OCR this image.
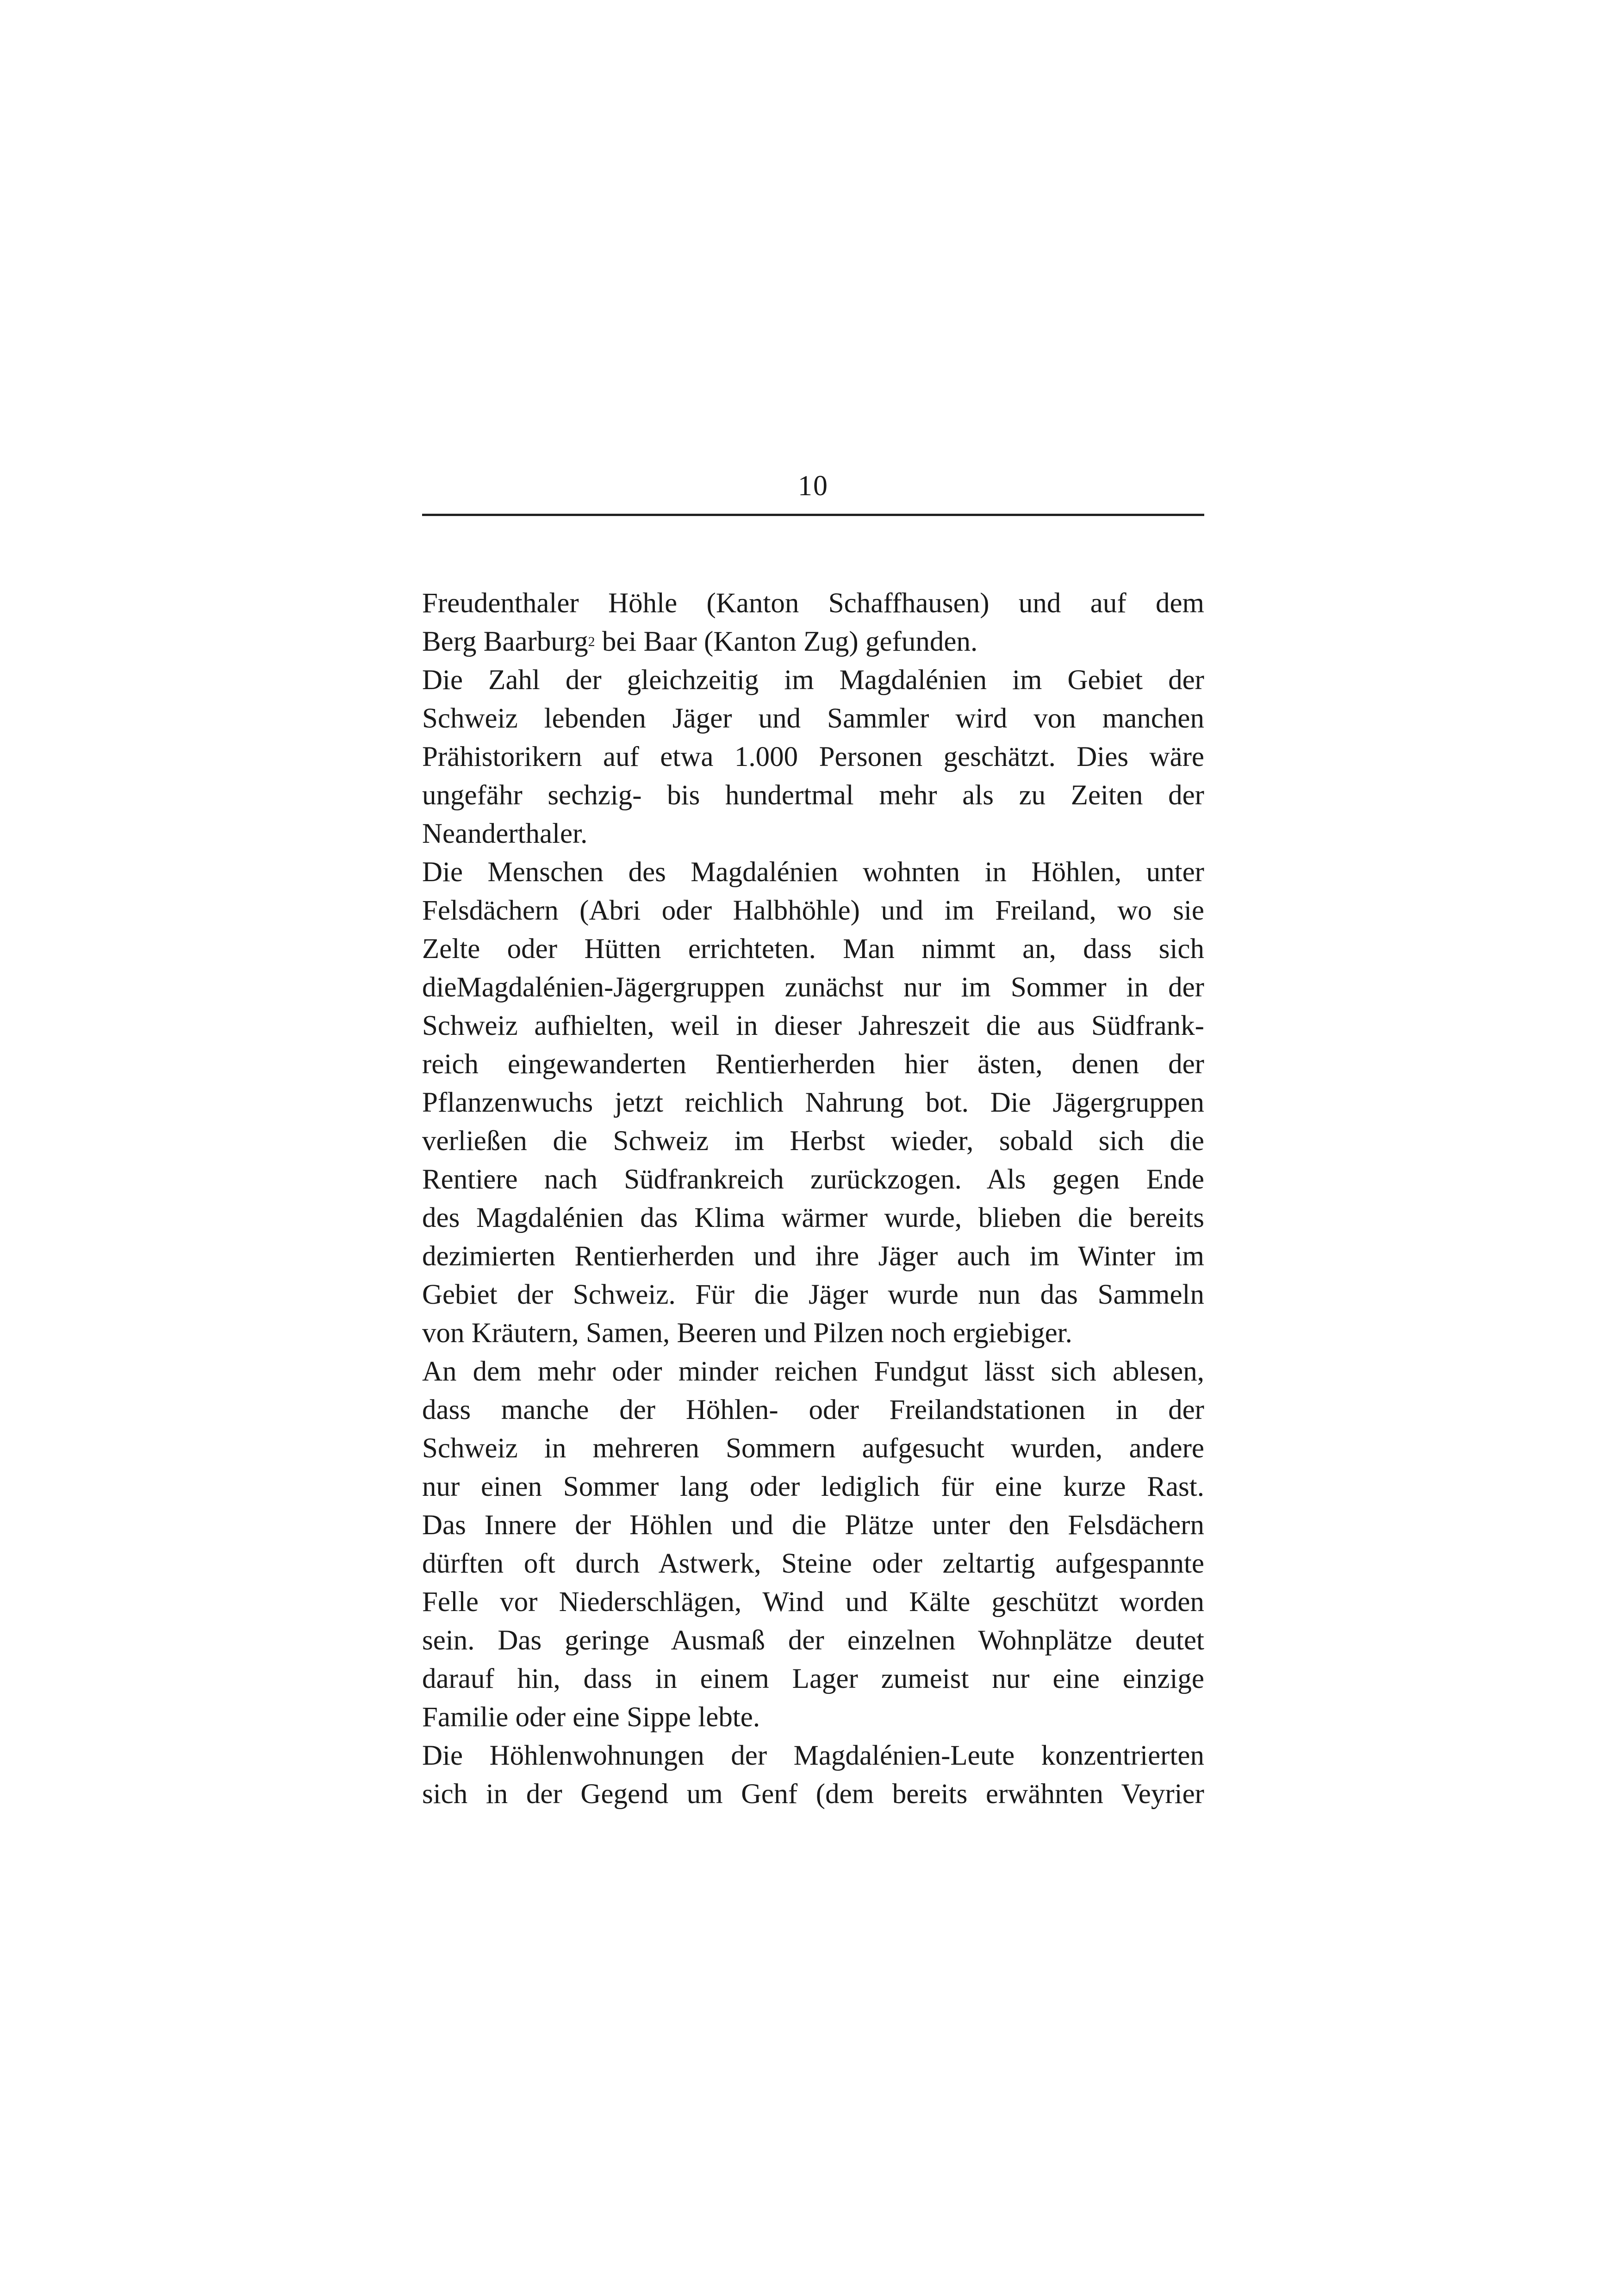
10
Freudenthaler Höhle (Kanton Schaffhausen) und auf dem
Berg Baarburg$^2$ bei Baar (Kanton Zug) gefunden.
Die Zahl der gleichzeitig im Magdalénien im Gebiet der
Schweiz lebenden Jäger und Sammler wird von manchen
Prähistorikern auf etwa 1.000 Personen geschätzt. Dies wäre
ungefähr sechzig- bis hundertmal mehr als zu Zeiten der
Neanderthaler.
Die Menschen des Magdalénien wohnten in Höhlen, unter
Felsdächern (Abri oder Halbhöhle) und im Freiland, wo sie
Zelte oder Hütten errichteten. Man nimmt an, dass sich
dieMagdalénien-Jägergruppen zunächst nur im Sommer in der
Schweiz aufhielten, weil in dieser Jahreszeit die aus Südfrank-
reich eingewanderten Rentierherden hier ästen, denen der
Pflanzenwuchs jetzt reichlich Nahrung bot. Die Jägergruppen
verließen die Schweiz im Herbst wieder, sobald sich die
Rentiere nach Südfrankreich zurückzogen. Als gegen Ende
des Magdalénien das Klima wärmer wurde, blieben die bereits
dezimierten Rentierherden und ihre Jäger auch im Winter im
Gebiet der Schweiz. Für die Jäger wurde nun das Sammeln
von Kräutern, Samen, Beeren und Pilzen noch ergiebiger.
An dem mehr oder minder reichen Fundgut lässt sich ablesen,
dass manche der Höhlen- oder Freilandstationen in der
Schweiz in mehreren Sommern aufgesucht wurden, andere
nur einen Sommer lang oder lediglich für eine kurze Rast.
Das Innere der Höhlen und die Plätze unter den Felsdächern
dürften oft durch Astwerk, Steine oder zeltartig aufgespannte
Felle vor Niederschlägen, Wind und Kälte geschützt worden
sein. Das geringe Ausmaß der einzelnen Wohnplätze deutet
darauf hin, dass in einem Lager zumeist nur eine einzige
Familie oder eine Sippe lebte.
Die Höhlenwohnungen der Magdalénien-Leute konzentrierten
sich in der Gegend um Genf (dem bereits erwähnten Veyrier
